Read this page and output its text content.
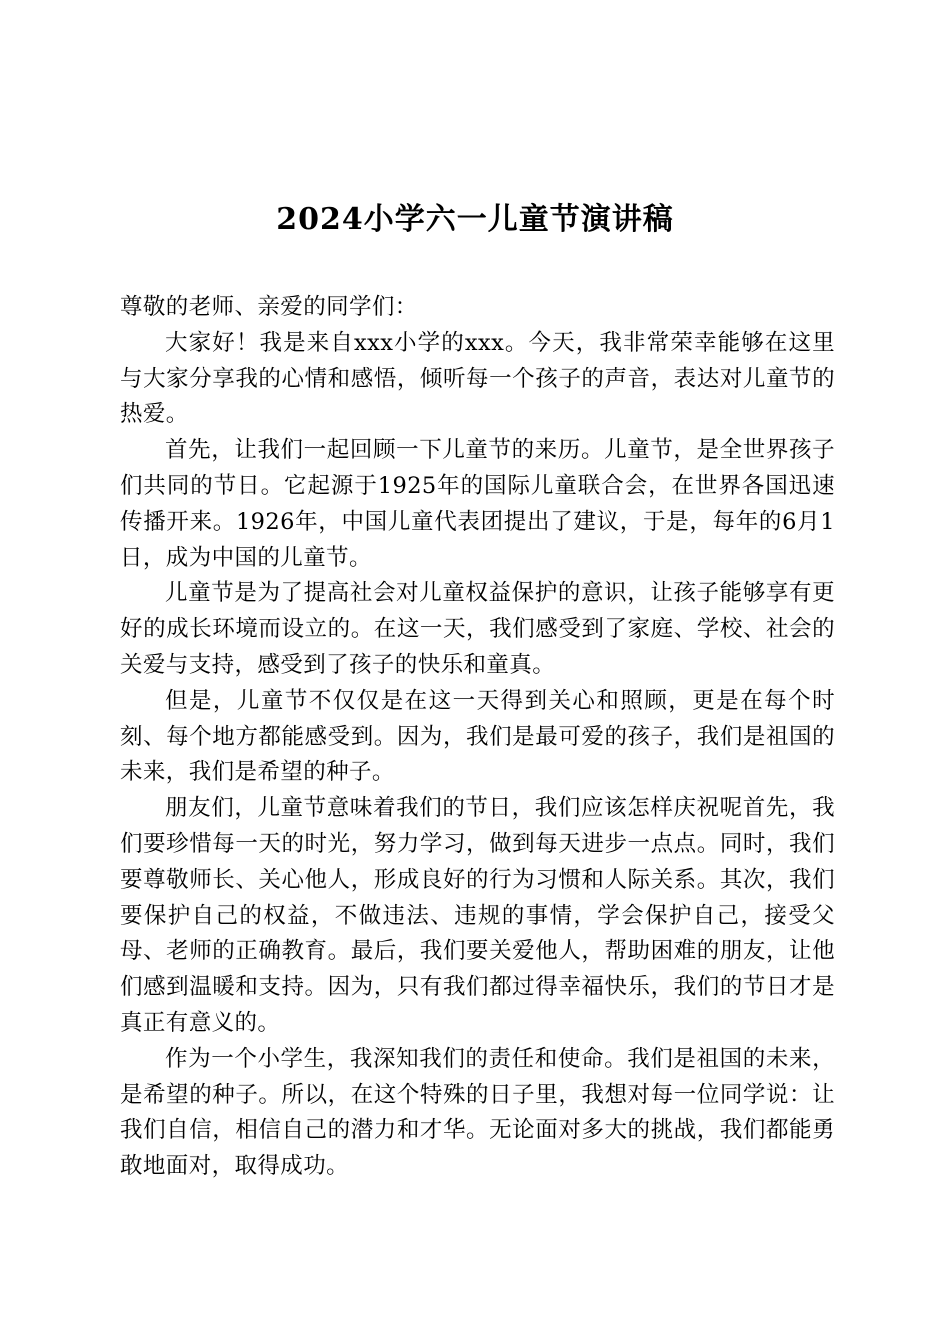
2024小学六一儿童节演讲稿

尊敬的老师、亲爱的同学们：

大家好！我是来自xxx小学的xxx。今天，我非常荣幸能够在这里与大家分享我的心情和感悟，倾听每一个孩子的声音，表达对儿童节的热爱。

首先，让我们一起回顾一下儿童节的来历。儿童节，是全世界孩子们共同的节日。它起源于1925年的国际儿童联合会，在世界各国迅速传播开来。1926年，中国儿童代表团提出了建议，于是，每年的6月1日，成为中国的儿童节。

儿童节是为了提高社会对儿童权益保护的意识，让孩子能够享有更好的成长环境而设立的。在这一天，我们感受到了家庭、学校、社会的关爱与支持，感受到了孩子的快乐和童真。

但是，儿童节不仅仅是在这一天得到关心和照顾，更是在每个时刻、每个地方都能感受到。因为，我们是最可爱的孩子，我们是祖国的未来，我们是希望的种子。

朋友们，儿童节意味着我们的节日，我们应该怎样庆祝呢首先，我们要珍惜每一天的时光，努力学习，做到每天进步一点点。同时，我们要尊敬师长、关心他人，形成良好的行为习惯和人际关系。其次，我们要保护自己的权益，不做违法、违规的事情，学会保护自己，接受父母、老师的正确教育。最后，我们要关爱他人，帮助困难的朋友，让他们感到温暖和支持。因为，只有我们都过得幸福快乐，我们的节日才是真正有意义的。

作为一个小学生，我深知我们的责任和使命。我们是祖国的未来，是希望的种子。所以，在这个特殊的日子里，我想对每一位同学说：让我们自信，相信自己的潜力和才华。无论面对多大的挑战，我们都能勇敢地面对，取得成功。
